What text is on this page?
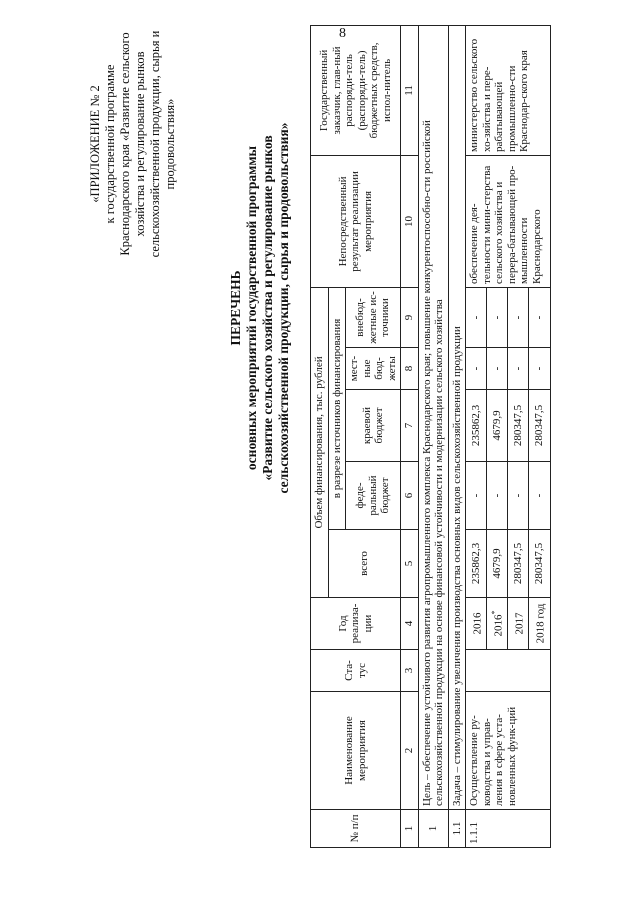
8
«ПРИЛОЖЕНИЕ № 2 к государственной программе Краснодарского края «Развитие сельского хозяйства и регулирование рынков сельскохозяйственной продукции, сырья и продовольствия»
ПЕРЕЧЕНЬ основных мероприятий государственной программы «Развитие сельского хозяйства и регулирование рынков сельскохозяйственной продукции, сырья и продовольствия»
№ п/п	Наименование мероприятия	Ста-тус	Год реализа-ции	Объем финансирования, тыс. рублей					Непосредственный результат реализации мероприятия	Государственный заказчик, глав-ный распоряди-тель (распоряди-тель) бюджетных средств, испол-нитель
				всего	в разрезе источников финансирования					
					феде-ральный бюджет	краевой бюджет	мест-ные бюд-жеты	внебюд-жетные ис-точники		
1	2	3	4	5	6	7	8	9	10	11
1	Цель – обеспечение устойчивого развития агропромышленного комплекса Краснодарского края; повышение конкурентоспособно-сти российской сельскохозяйственной продукции на основе финансовой устойчивости и модернизации сельского хозяйства									
1.1	Задача – стимулирование увеличения производства основных видов сельскохозяйственной продукции									
1.1.1	Осуществление ру-ководства и управ-ления в сфере уста-новленных функ-ций		2016	235862,3	-	235862,3	-	-	обеспечение дея-тельности мини-стерства сельского хозяйства и перера-батывающей про-мышленности Краснодарского	министерство сельского хо-зяйства и пере-рабатывающей промышленно-сти Краснодар-ского края
			2016*	4679,9	-	4679,9	-	-		
			2017	280347,5	-	280347,5	-	-		
			2018 год	280347,5	-	280347,5	-	-		
